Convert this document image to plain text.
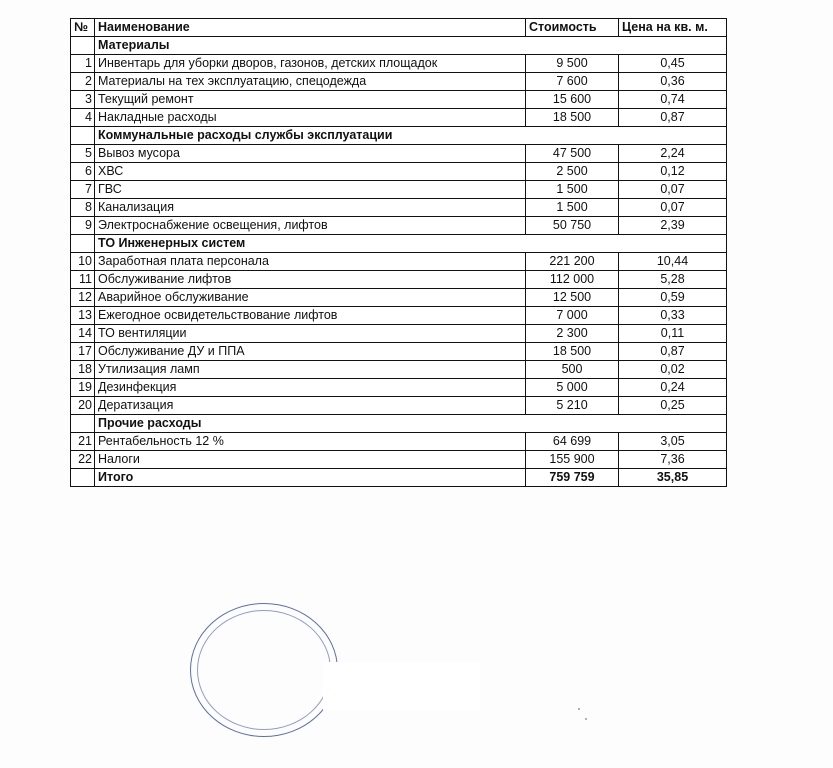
№	Наименование	Стоимость	Цена на кв. м.
	Материалы		
1	Инвентарь для уборки дворов, газонов, детских площадок	9 500	0,45
2	Материалы на тех эксплуатацию, спецодежда	7 600	0,36
3	Текущий ремонт	15 600	0,74
4	Накладные расходы	18 500	0,87
	Коммунальные расходы службы эксплуатации		
5	Вывоз мусора	47 500	2,24
6	ХВС	2 500	0,12
7	ГВС	1 500	0,07
8	Канализация	1 500	0,07
9	Электроснабжение освещения, лифтов	50 750	2,39
	ТО Инженерных систем		
10	Заработная плата персонала	221 200	10,44
11	Обслуживание лифтов	112 000	5,28
12	Аварийное обслуживание	12 500	0,59
13	Ежегодное освидетельствование лифтов	7 000	0,33
14	ТО вентиляции	2 300	0,11
17	Обслуживание ДУ и ППА	18 500	0,87
18	Утилизация ламп	500	0,02
19	Дезинфекция	5 000	0,24
20	Дератизация	5 210	0,25
	Прочие расходы		
21	Рентабельность 12 %	64 699	3,05
22	Налоги	155 900	7,36
	Итого	759 759	35,85
